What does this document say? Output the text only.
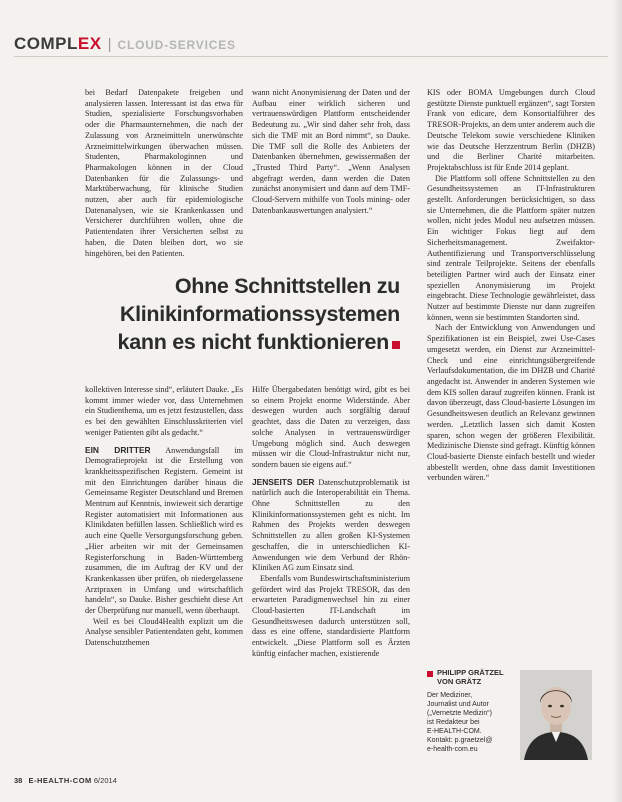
COMPLEX | CLOUD-SERVICES

bei Bedarf Datenpakete freigeben und analysieren lassen. Interessant ist das etwa für Studien, spezialisierte Forschungsvorhaben oder die Pharmaunternehmen, die nach der Zulassung von Arzneimitteln unerwünschte Arzneimittelwirkungen überwachen müssen. Studenten, Pharmakologinnen und Pharmakologen können in der Cloud Datenbanken für die Zulassungs- und Marktüberwachung, für klinische Studien nutzen, aber auch für epidemiologische Datenanalysen, wie sie Krankenkassen und Versicherer durchführen wollen, ohne die Patientendaten ihrer Versicherten selbst zu haben, die Daten bleiben dort, wo sie hingehören, bei den Patienten.

wann nicht Anonymisierung der Daten und der Aufbau einer wirklich sicheren und vertrauenswürdigen Plattform entscheidender Bedeutung zu. „Wir sind daher sehr froh, dass sich die TMF mit an Bord nimmt“, so Dauke. Die TMF soll die Rolle des Anbieters der Datenbanken übernehmen, gewissermaßen der „Trusted Third Party“. „Wenn Analysen abgefragt werden, dann werden die Daten zunächst anonymisiert und dann auf dem TMF-Cloud-Servern mithilfe von Tools mining- oder Datenbankauswertungen analysiert.“

KIS oder BOMA Umgebungen durch Cloud gestützte Dienste punktuell ergänzen“, sagt Torsten Frank von edicare, dem Konsortialführer des TRESOR-Projekts, an dem unter anderem auch die Deutsche Telekom sowie verschiedene Kliniken wie das Deutsche Herzzentrum Berlin (DHZB) und die Berliner Charité mitarbeiten. Projektabschluss ist für Ende 2014 geplant.

Die Plattform soll offene Schnittstellen zu den Gesundheitssystemen an IT-Infrastrukturen gestellt. Anforderungen berücksichtigen, so dass sie Unternehmen, die die Plattform später nutzen wollen, nicht jedes Modul neu aufsetzen müssen. Ein wichtiger Fokus liegt auf dem Sicherheitsmanagement. Zweifaktor-Authentifizierung und Transportverschlüsselung sind zentrale Teilprojekte. Seitens der ebenfalls beteiligten Partner wird auch der Einsatz einer speziellen Anonymisierung im Projekt eingebracht. Diese Technologie gewährleistet, dass Nutzer auf bestimmte Dienste nur dann zugreifen können, wenn sie bestimmten Standorten sind.

Nach der Entwicklung von Anwendungen und Spezifikationen ist ein Beispiel, zwei Use-Cases umgesetzt werden, ein Dienst zur Arzneimittel-Check und eine einrichtungsübergreifende Verlaufsdokumentation, die im DHZB und Charité angedacht ist. Anwender in anderen Systemen wie dem KIS sollen darauf zugreifen können. Frank ist davon überzeugt, dass Cloud-basierte Lösungen im Gesundheitswesen deutlich an Relevanz gewinnen werden. „Letztlich lassen sich damit Kosten sparen, schon wegen der größeren Flexibilität. Medizinische Dienste sind gefragt. Künftig können Cloud-basierte Dienste einfach bestellt und wieder abbestellt werden, ohne dass damit Investitionen verbunden wären.“

Ohne Schnittstellen zu
Klinikinformationssystemen
kann es nicht funktionieren

kollektiven Interesse sind“, erläutert Dauke. „Es kommt immer wieder vor, dass Unternehmen ein Studienthema, um es jetzt festzustellen, dass es bei den gewählten Einschlusskriterien viel weniger Patienten gibt als gedacht.“

EIN DRITTER Anwendungsfall im Demografieprojekt ist die Erstellung von krankheitsspezifischen Registern. Gemeint ist mit den Einrichtungen darüber hinaus die Gemeinsame Register Deutschland und Bremen Mentrum auf Kenntnis, inwieweit sich derartige Register automatisiert mit Informationen aus Klinikdaten befüllen lassen. Schließlich wird es auch eine Quelle Versorgungsforschung geben. „Hier arbeiten wir mit der Gemeinsamen Registerforschung in Baden-Württemberg zusammen, die im Auftrag der KV und der Krankenkassen über prüfen, ob niedergelassene Arztpraxen in Umfang und wirtschaftlich handeln“, so Dauke. Bisher geschieht diese Art der Überprüfung nur manuell, wenn überhaupt.

Weil es bei Cloud4Health explizit um die Analyse sensibler Patientendaten geht, kommen Datenschutzthemen

Hilfe Übergabedaten benötigt wird, gibt es bei so einem Projekt enorme Widerstände. Aber deswegen wurden auch sorgfältig darauf geachtet, dass die Daten zu verzeigen, dass solche Analysen in vertrauenswürdiger Umgebung möglich sind. Auch deswegen müssen wir die Cloud-Infrastruktur nicht nur, sondern bauen sie eigens auf.“

JENSEITS DER Datenschutzproblematik ist natürlich auch die Interoperabilität ein Thema. Ohne Schnittstellen zu den Klinikinformationssystemen geht es nicht. Im Rahmen des Projekts werden deswegen Schnittstellen zu allen großen KI-Systemen geschaffen, die in unterschiedlichen KI-Anwendungen wie dem Verbund der Rhön-Kliniken AG zum Einsatz sind.

Ebenfalls vom Bundeswirtschaftsministerium gefördert wird das Projekt TRESOR, das den erwarteten Paradigmenwechsel hin zu einer Cloud-basierten IT-Landschaft im Gesundheitswesen dadurch unterstützen soll, dass es eine offene, standardisierte Plattform entwickelt. „Diese Plattform soll es Ärzten künftig einfacher machen, existierende

PHILIPP GRÄTZEL
VON GRÄTZ
Der Mediziner,
Journalist und Autor
(„Vernetzte Medizin“)
ist Redakteur bei
E-HEALTH-COM.
Kontakt: p.graetzel@
e-health-com.eu
38 E-HEALTH-COM 6/2014
